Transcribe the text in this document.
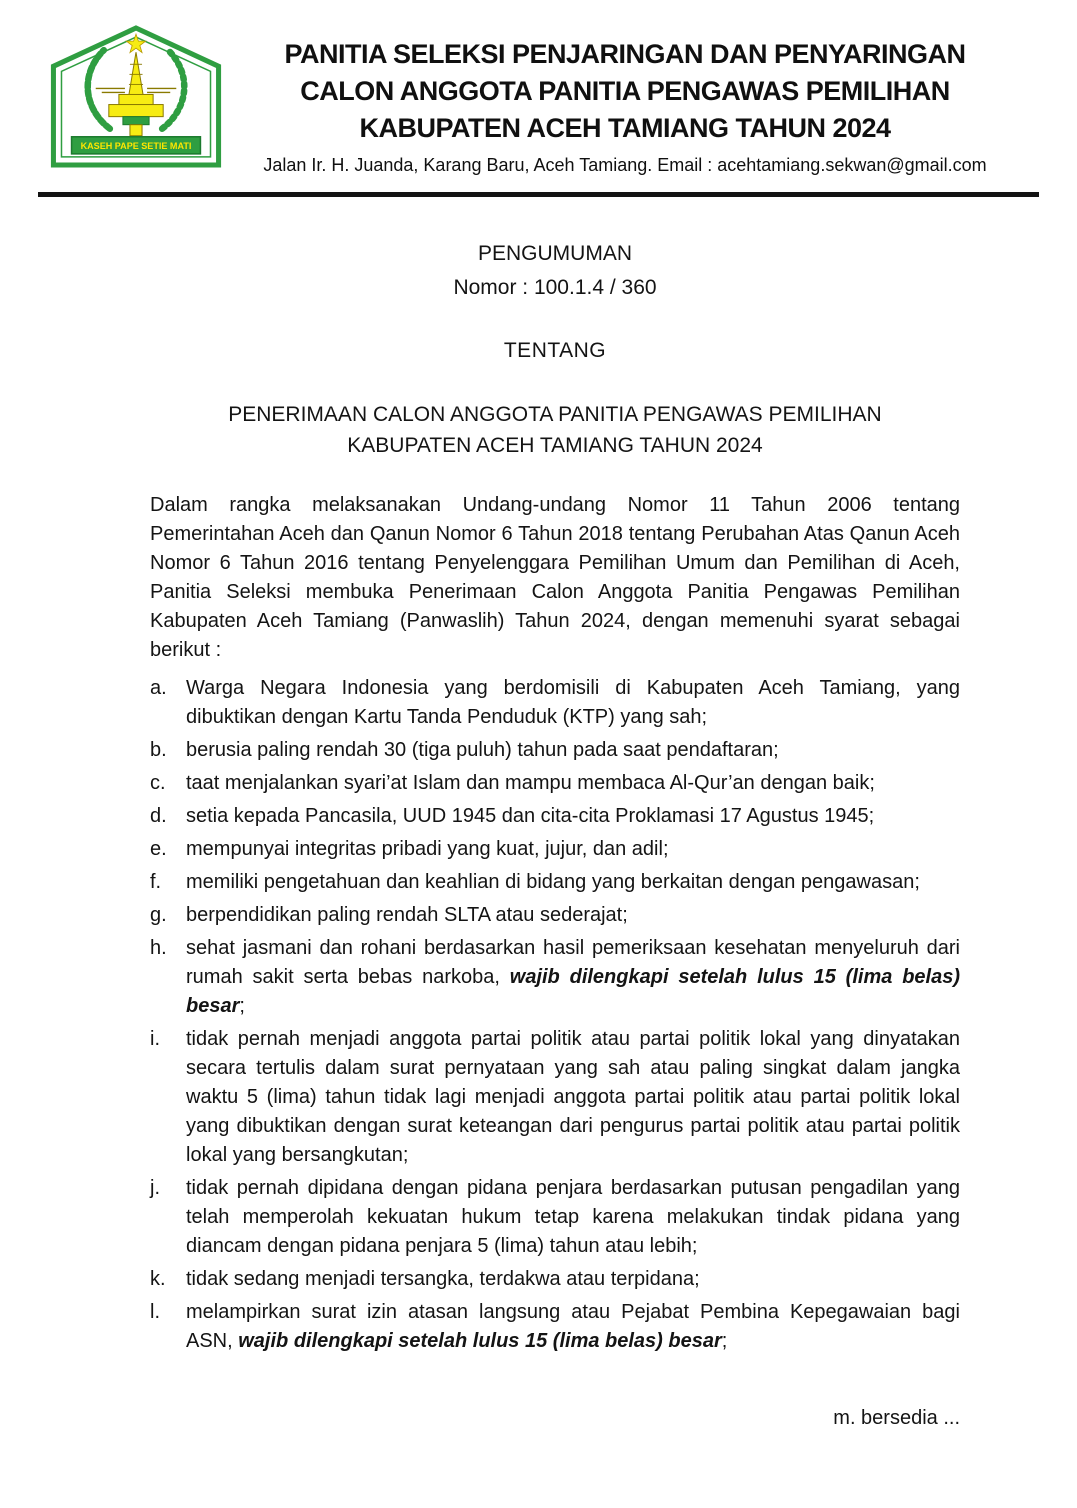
KASEH PAPE SETIE MATI
PANITIA SELEKSI PENJARINGAN DAN PENYARINGAN
CALON ANGGOTA PANITIA PENGAWAS PEMILIHAN
KABUPATEN ACEH TAMIANG TAHUN 2024
Jalan Ir. H. Juanda, Karang Baru, Aceh Tamiang. Email : acehtamiang.sekwan@gmail.com
PENGUMUMAN
Nomor : 100.1.4 / 360
TENTANG
PENERIMAAN CALON ANGGOTA PANITIA PENGAWAS PEMILIHAN
KABUPATEN ACEH TAMIANG TAHUN 2024

Dalam rangka melaksanakan Undang-undang Nomor 11 Tahun 2006 tentang Pemerintahan Aceh dan Qanun Nomor 6 Tahun 2018 tentang Perubahan Atas Qanun Aceh Nomor 6 Tahun 2016 tentang Penyelenggara Pemilihan Umum dan Pemilihan di Aceh, Panitia Seleksi membuka Penerimaan Calon Anggota Panitia Pengawas Pemilihan Kabupaten Aceh Tamiang (Panwaslih) Tahun 2024, dengan memenuhi syarat sebagai berikut :

a. Warga Negara Indonesia yang berdomisili di Kabupaten Aceh Tamiang, yang dibuktikan dengan Kartu Tanda Penduduk (KTP) yang sah;
b. berusia paling rendah 30 (tiga puluh) tahun pada saat pendaftaran;
c.	taat menjalankan syari’at Islam dan mampu membaca Al-Qur’an dengan baik;
d. setia kepada Pancasila, UUD 1945 dan cita-cita Proklamasi 17 Agustus 1945;
e. mempunyai integritas pribadi yang kuat, jujur, dan adil;
f.	memiliki pengetahuan dan keahlian di bidang yang berkaitan dengan pengawasan;
g. berpendidikan paling rendah SLTA atau sederajat;
h. sehat jasmani dan rohani berdasarkan hasil pemeriksaan kesehatan menyeluruh dari rumah sakit serta bebas narkoba, wajib dilengkapi setelah lulus 15 (lima belas) besar;
i.	tidak pernah menjadi anggota partai politik atau partai politik lokal yang dinyatakan secara tertulis dalam surat pernyataan yang sah atau paling singkat dalam jangka waktu 5 (lima) tahun tidak lagi menjadi anggota partai politik atau partai politik lokal yang dibuktikan dengan surat keteangan dari pengurus partai politik atau partai politik lokal yang bersangkutan;
j.	tidak pernah dipidana dengan pidana penjara berdasarkan putusan pengadilan yang telah memperolah kekuatan hukum tetap karena melakukan tindak pidana yang diancam dengan pidana penjara 5 (lima) tahun atau lebih;
k.	tidak sedang menjadi tersangka, terdakwa atau terpidana;
l.	melampirkan surat izin atasan langsung atau Pejabat Pembina Kepegawaian bagi ASN, wajib dilengkapi setelah lulus 15 (lima belas) besar;
m. bersedia ...
